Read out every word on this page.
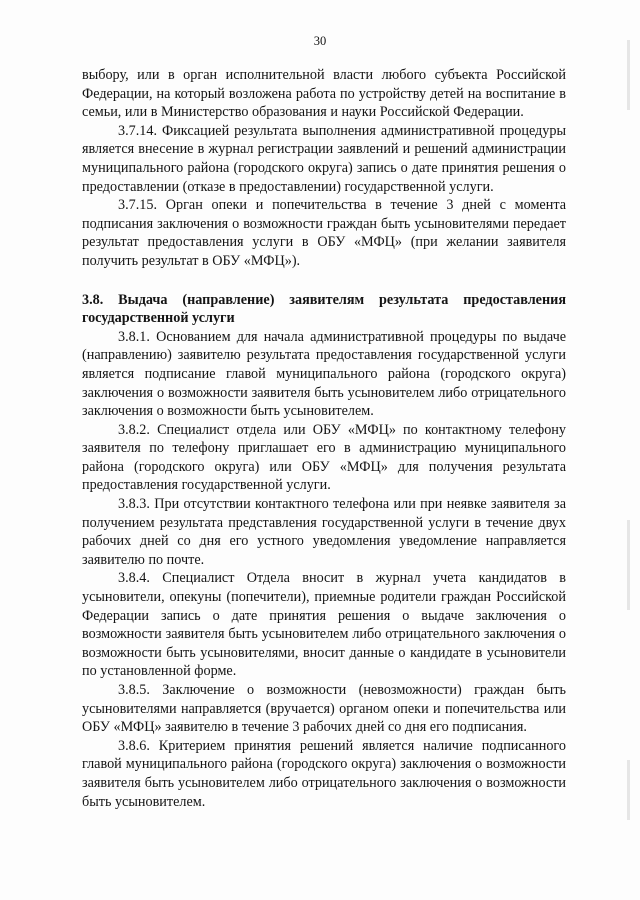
30

выбору, или в орган исполнительной власти любого субъекта Российской Федерации, на который возложена работа по устройству детей на воспитание в семьи, или в Министерство образования и науки Российской Федерации.

3.7.14. Фиксацией результата выполнения административной процедуры является внесение в журнал регистрации заявлений и решений администрации муниципального района (городского округа) запись о дате принятия решения о предоставлении (отказе в предоставлении) государственной услуги.

3.7.15. Орган опеки и попечительства в течение 3 дней с момента подписания заключения о возможности граждан быть усыновителями передает результат предоставления услуги в ОБУ «МФЦ» (при желании заявителя получить результат в ОБУ «МФЦ»).

3.8. Выдача (направление) заявителям результата предоставления государственной услуги

3.8.1. Основанием для начала административной процедуры по выдаче (направлению) заявителю результата предоставления государственной услуги является подписание главой муниципального района (городского округа) заключения о возможности заявителя быть усыновителем либо отрицательного заключения о возможности быть усыновителем.

3.8.2. Специалист отдела или ОБУ «МФЦ» по контактному телефону заявителя по телефону приглашает его в администрацию муниципального района (городского округа) или ОБУ «МФЦ» для получения результата предоставления государственной услуги.

3.8.3. При отсутствии контактного телефона или при неявке заявителя за получением результата представления государственной услуги в течение двух рабочих дней со дня его устного уведомления уведомление направляется заявителю по почте.

3.8.4. Специалист Отдела вносит в журнал учета кандидатов в усыновители, опекуны (попечители), приемные родители граждан Российской Федерации запись о дате принятия решения о выдаче заключения о возможности заявителя быть усыновителем либо отрицательного заключения о возможности быть усыновителями, вносит данные о кандидате в усыновители по установленной форме.

3.8.5. Заключение о возможности (невозможности) граждан быть усыновителями направляется (вручается) органом опеки и попечительства или ОБУ «МФЦ» заявителю в течение 3 рабочих дней со дня его подписания.

3.8.6. Критерием принятия решений является наличие подписанного главой муниципального района (городского округа) заключения о возможности заявителя быть усыновителем либо отрицательного заключения о возможности быть усыновителем.
